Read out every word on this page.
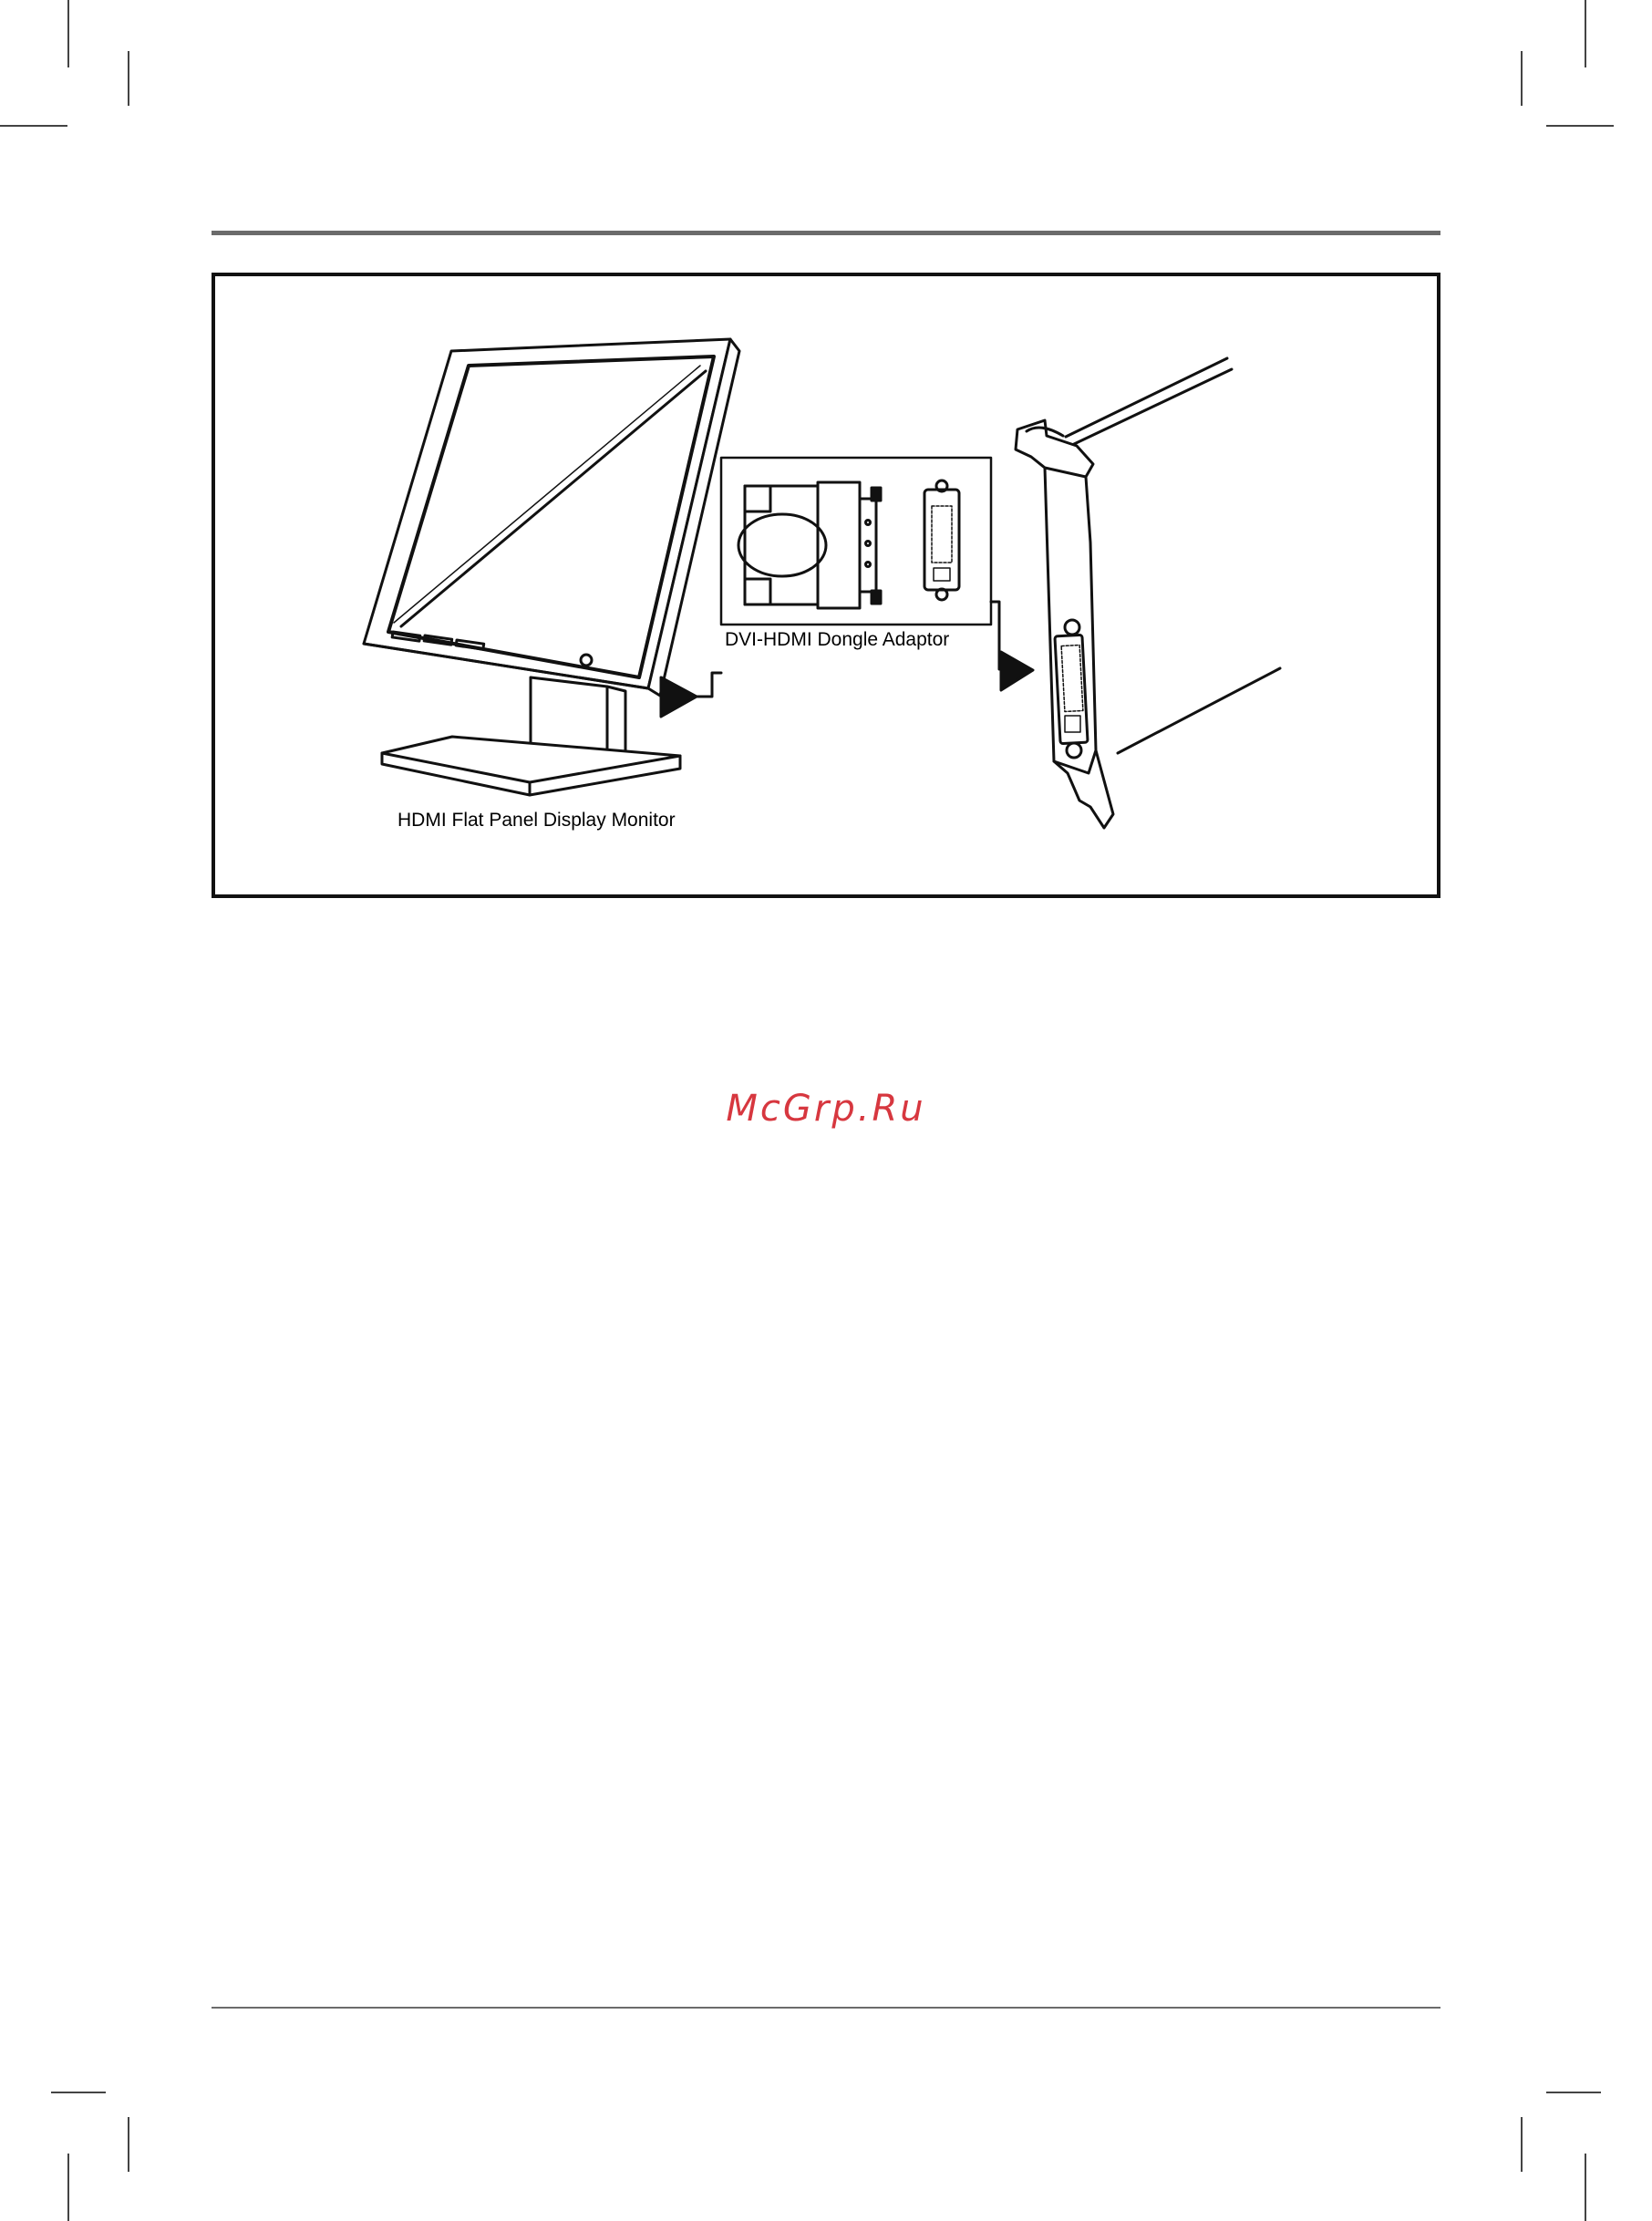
HDMI Flat Panel Display Monitor
DVI-HDMI Dongle Adaptor
McGrp.Ru
